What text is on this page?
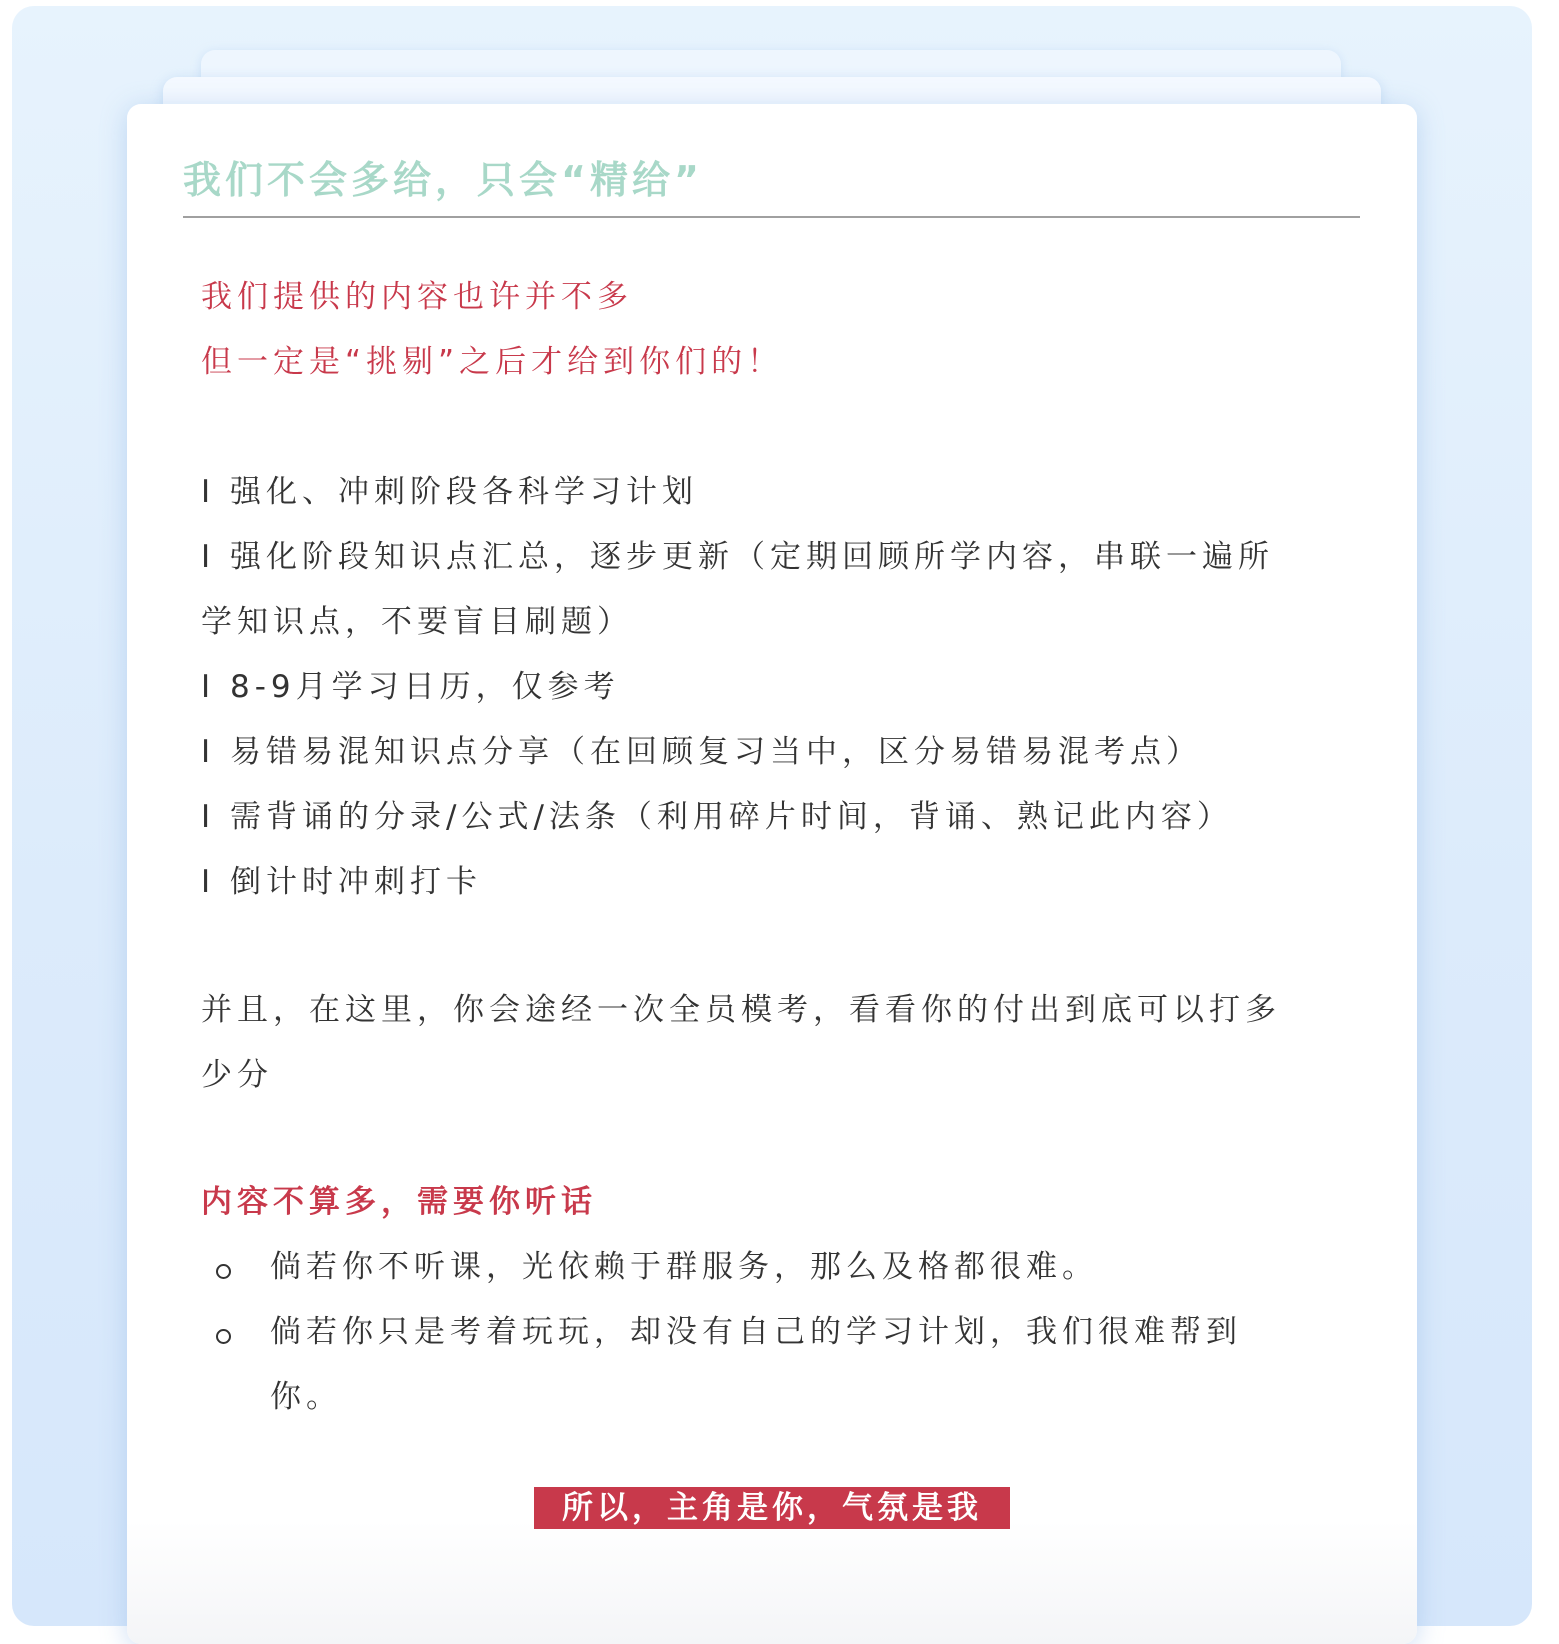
我们不会多给，只会“精给”
我们提供的内容也许并不多
但一定是“挑剔”之后才给到你们的！
I 强化、冲刺阶段各科学习计划
I 强化阶段知识点汇总，逐步更新（定期回顾所学内容，串联一遍所
学知识点，不要盲目刷题）
I 8-9月学习日历，仅参考
I 易错易混知识点分享（在回顾复习当中，区分易错易混考点）
I 需背诵的分录/公式/法条（利用碎片时间，背诵、熟记此内容）
I 倒计时冲刺打卡
并且，在这里，你会途经一次全员模考，看看你的付出到底可以打多
少分
内容不算多，需要你听话
倘若你不听课，光依赖于群服务，那么及格都很难。
倘若你只是考着玩玩，却没有自己的学习计划，我们很难帮到
你。
所以，主角是你，气氛是我
